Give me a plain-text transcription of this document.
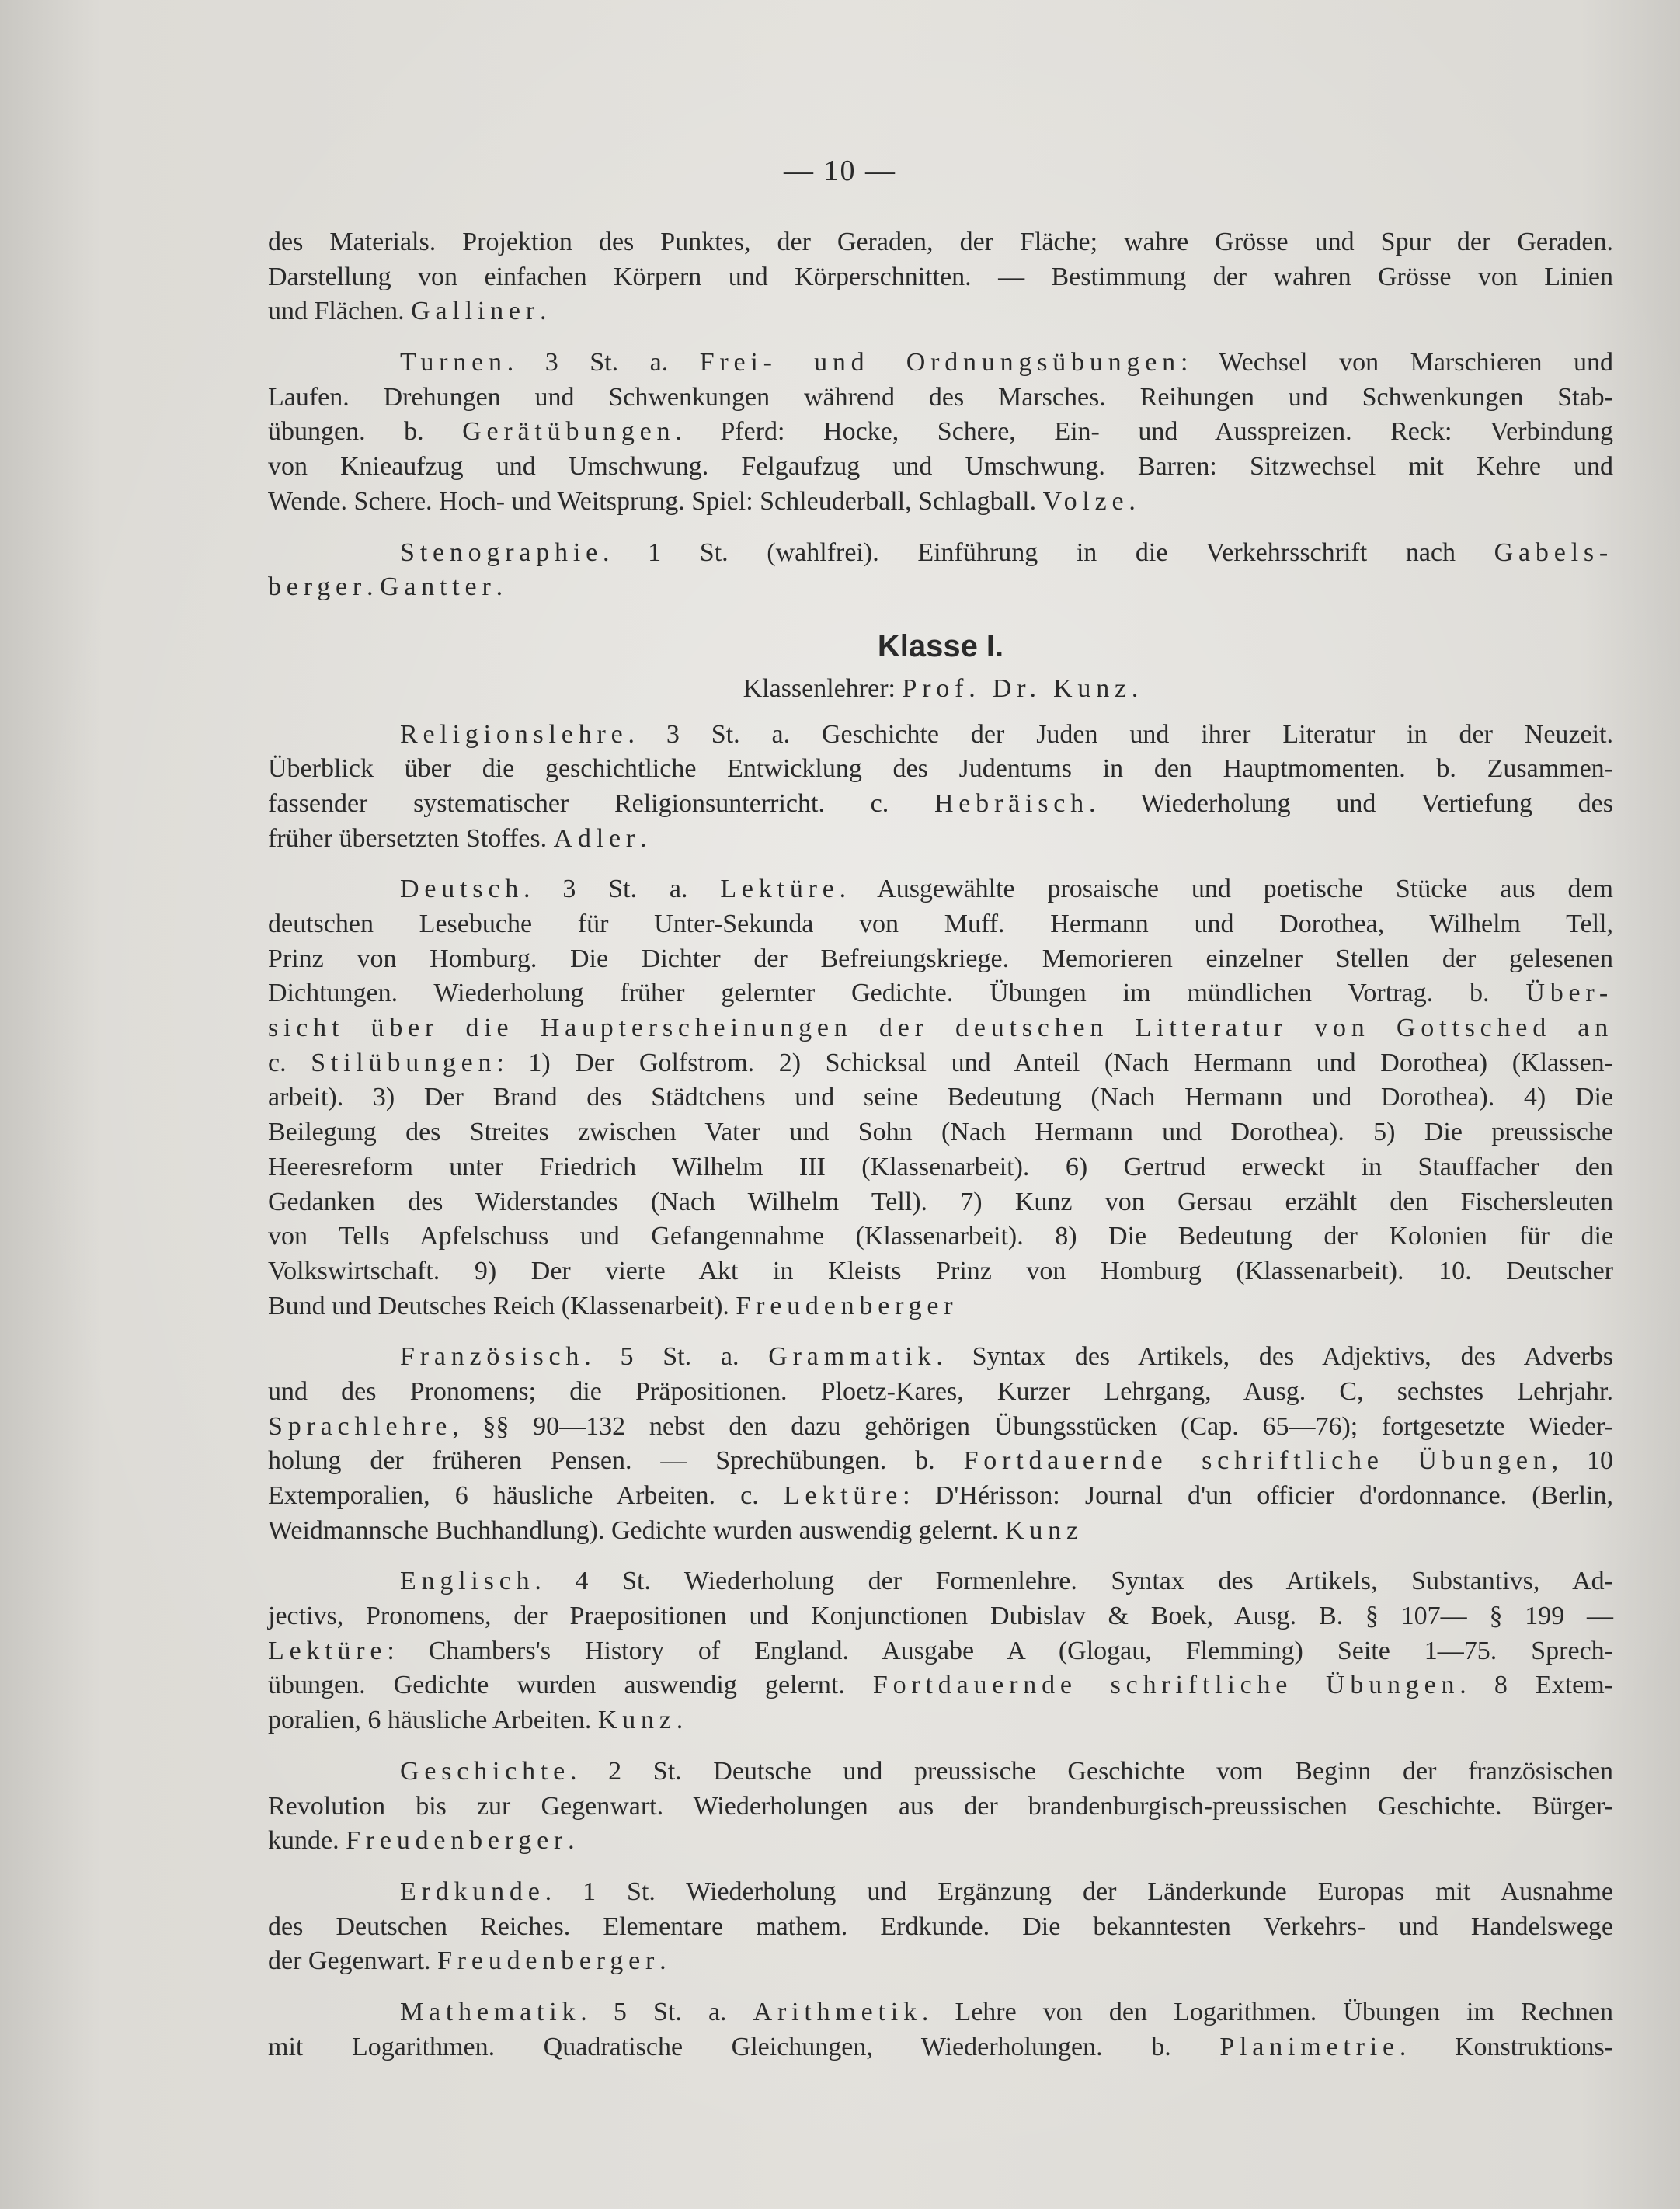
— 10 —
des Materials. Projektion des Punktes, der Geraden, der Fläche; wahre Grösse und Spur der Geraden.
Darstellung von einfachen Körpern und Körperschnitten. — Bestimmung der wahren Grösse von Linien
und Flächen. Galliner.
Turnen. 3 St. a. Frei- und Ordnungsübungen: Wechsel von Marschieren und
Laufen. Drehungen und Schwenkungen während des Marsches. Reihungen und Schwenkungen Stab-
übungen. b. Gerätübungen. Pferd: Hocke, Schere, Ein- und Ausspreizen. Reck: Verbindung
von Knieaufzug und Umschwung. Felgaufzug und Umschwung. Barren: Sitzwechsel mit Kehre und
Wende. Schere. Hoch- und Weitsprung. Spiel: Schleuderball, Schlagball. Volze.
Stenographie. 1 St. (wahlfrei). Einführung in die Verkehrsschrift nach Gabels-
berger. Gantter.
Klasse I.
Klassenlehrer: Prof. Dr. Kunz.
Religionslehre. 3 St. a. Geschichte der Juden und ihrer Literatur in der Neuzeit.
Überblick über die geschichtliche Entwicklung des Judentums in den Hauptmomenten. b. Zusammen-
fassender systematischer Religionsunterricht. c. Hebräisch. Wiederholung und Vertiefung des
früher übersetzten Stoffes. Adler.
Deutsch. 3 St. a. Lektüre. Ausgewählte prosaische und poetische Stücke aus dem
deutschen Lesebuche für Unter-Sekunda von Muff. Hermann und Dorothea, Wilhelm Tell,
Prinz von Homburg. Die Dichter der Befreiungskriege. Memorieren einzelner Stellen der gelesenen
Dichtungen. Wiederholung früher gelernter Gedichte. Übungen im mündlichen Vortrag. b. Über-
sicht über die Haupterscheinungen der deutschen Litteratur von Gottsched an
c. Stilübungen: 1) Der Golfstrom. 2) Schicksal und Anteil (Nach Hermann und Dorothea) (Klassen-
arbeit). 3) Der Brand des Städtchens und seine Bedeutung (Nach Hermann und Dorothea). 4) Die
Beilegung des Streites zwischen Vater und Sohn (Nach Hermann und Dorothea). 5) Die preussische
Heeresreform unter Friedrich Wilhelm III (Klassenarbeit). 6) Gertrud erweckt in Stauffacher den
Gedanken des Widerstandes (Nach Wilhelm Tell). 7) Kunz von Gersau erzählt den Fischersleuten
von Tells Apfelschuss und Gefangennahme (Klassenarbeit). 8) Die Bedeutung der Kolonien für die
Volkswirtschaft. 9) Der vierte Akt in Kleists Prinz von Homburg (Klassenarbeit). 10. Deutscher
Bund und Deutsches Reich (Klassenarbeit). Freudenberger
Französisch. 5 St. a. Grammatik. Syntax des Artikels, des Adjektivs, des Adverbs
und des Pronomens; die Präpositionen. Ploetz-Kares, Kurzer Lehrgang, Ausg. C, sechstes Lehrjahr.
Sprachlehre, §§ 90—132 nebst den dazu gehörigen Übungsstücken (Cap. 65—76); fortgesetzte Wieder-
holung der früheren Pensen. — Sprechübungen. b. Fortdauernde schriftliche Übungen, 10
Extemporalien, 6 häusliche Arbeiten. c. Lektüre: D'Hérisson: Journal d'un officier d'ordonnance. (Berlin,
Weidmannsche Buchhandlung). Gedichte wurden auswendig gelernt. Kunz
Englisch. 4 St. Wiederholung der Formenlehre. Syntax des Artikels, Substantivs, Ad-
jectivs, Pronomens, der Praepositionen und Konjunctionen Dubislav & Boek, Ausg. B. § 107— § 199 —
Lektüre: Chambers's History of England. Ausgabe A (Glogau, Flemming) Seite 1—75. Sprech-
übungen. Gedichte wurden auswendig gelernt. Fortdauernde schriftliche Übungen. 8 Extem-
poralien, 6 häusliche Arbeiten. Kunz.
Geschichte. 2 St. Deutsche und preussische Geschichte vom Beginn der französischen
Revolution bis zur Gegenwart. Wiederholungen aus der brandenburgisch-preussischen Geschichte. Bürger-
kunde. Freudenberger.
Erdkunde. 1 St. Wiederholung und Ergänzung der Länderkunde Europas mit Ausnahme
des Deutschen Reiches. Elementare mathem. Erdkunde. Die bekanntesten Verkehrs- und Handelswege
der Gegenwart. Freudenberger.
Mathematik. 5 St. a. Arithmetik. Lehre von den Logarithmen. Übungen im Rechnen
mit Logarithmen. Quadratische Gleichungen, Wiederholungen. b. Planimetrie. Konstruktions-
